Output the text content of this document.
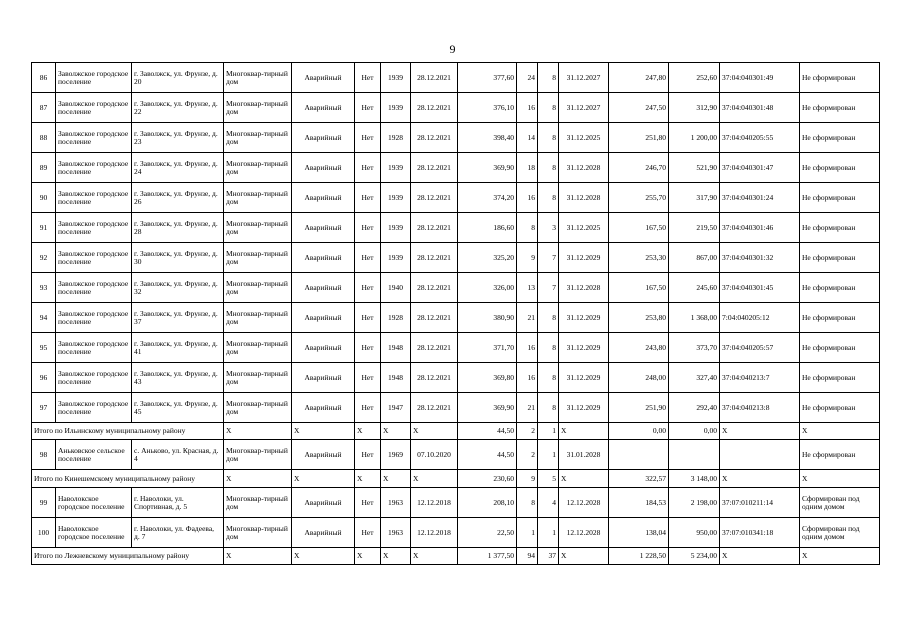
9
86	Заволжское городское поселение	г. Заволжск, ул. Фрунзе, д. 20	Многоквар-тирный дом	Аварийный	Нет	1939	28.12.2021	377,60	24	8	31.12.2027	247,80	252,60	37:04:040301:49	Не сформирован
87	Заволжское городское поселение	г. Заволжск, ул. Фрунзе, д. 22	Многоквар-тирный дом	Аварийный	Нет	1939	28.12.2021	376,10	16	8	31.12.2027	247,50	312,90	37:04:040301:48	Не сформирован
88	Заволжское городское поселение	г. Заволжск, ул. Фрунзе, д. 23	Многоквар-тирный дом	Аварийный	Нет	1928	28.12.2021	398,40	14	8	31.12.2025	251,80	1 200,00	37:04:040205:55	Не сформирован
89	Заволжское городское поселение	г. Заволжск, ул. Фрунзе, д. 24	Многоквар-тирный дом	Аварийный	Нет	1939	28.12.2021	369,90	18	8	31.12.2028	246,70	521,90	37:04:040301:47	Не сформирован
90	Заволжское городское поселение	г. Заволжск, ул. Фрунзе, д. 26	Многоквар-тирный дом	Аварийный	Нет	1939	28.12.2021	374,20	16	8	31.12.2028	255,70	317,90	37:04:040301:24	Не сформирован
91	Заволжское городское поселение	г. Заволжск, ул. Фрунзе, д. 28	Многоквар-тирный дом	Аварийный	Нет	1939	28.12.2021	186,60	8	3	31.12.2025	167,50	219,50	37:04:040301:46	Не сформирован
92	Заволжское городское поселение	г. Заволжск, ул. Фрунзе, д. 30	Многоквар-тирный дом	Аварийный	Нет	1939	28.12.2021	325,20	9	7	31.12.2029	253,30	867,00	37:04:040301:32	Не сформирован
93	Заволжское городское поселение	г. Заволжск, ул. Фрунзе, д. 32	Многоквар-тирный дом	Аварийный	Нет	1940	28.12.2021	326,00	13	7	31.12.2028	167,50	245,60	37:04:040301:45	Не сформирован
94	Заволжское городское поселение	г. Заволжск, ул. Фрунзе, д. 37	Многоквар-тирный дом	Аварийный	Нет	1928	28.12.2021	380,90	21	8	31.12.2029	253,80	1 368,00	7:04:040205:12	Не сформирован
95	Заволжское городское поселение	г. Заволжск, ул. Фрунзе, д. 41	Многоквар-тирный дом	Аварийный	Нет	1948	28.12.2021	371,70	16	8	31.12.2029	243,80	373,70	37:04:040205:57	Не сформирован
96	Заволжское городское поселение	г. Заволжск, ул. Фрунзе, д. 43	Многоквар-тирный дом	Аварийный	Нет	1948	28.12.2021	369,80	16	8	31.12.2029	248,00	327,40	37:04:040213:7	Не сформирован
97	Заволжское городское поселение	г. Заволжск, ул. Фрунзе, д. 45	Многоквар-тирный дом	Аварийный	Нет	1947	28.12.2021	369,90	21	8	31.12.2029	251,90	292,40	37:04:040213:8	Не сформирован
Итого по Ильинскому муниципальному району			X	X	X	X	X	44,50	2	1	X	0,00	0,00	X	X
98	Аньковское сельское поселение	с. Аньково, ул. Красная, д. 4	Многоквар-тирный дом	Аварийный	Нет	1969	07.10.2020	44,50	2	1	31.01.2028				Не сформирован
Итого по Кинешемскому муниципальному району			X	X	X	X	X	230,60	9	5	X	322,57	3 148,00	X	X
99	Наволокское городское поселение	г. Наволоки, ул. Спортивная, д. 5	Многоквар-тирный дом	Аварийный	Нет	1963	12.12.2018	208,10	8	4	12.12.2028	184,53	2 198,00	37:07:010211:14	Сформирован под одним домом
100	Наволокское городское поселение	г. Наволоки, ул. Фадеева, д. 7	Многоквар-тирный дом	Аварийный	Нет	1963	12.12.2018	22,50	1	1	12.12.2028	138,04	950,00	37:07:010341:18	Сформирован под одним домом
Итого по Лежневскому муниципальному району			X	X	X	X	X	1 377,50	94	37	X	1 228,50	5 234,00	X	X
